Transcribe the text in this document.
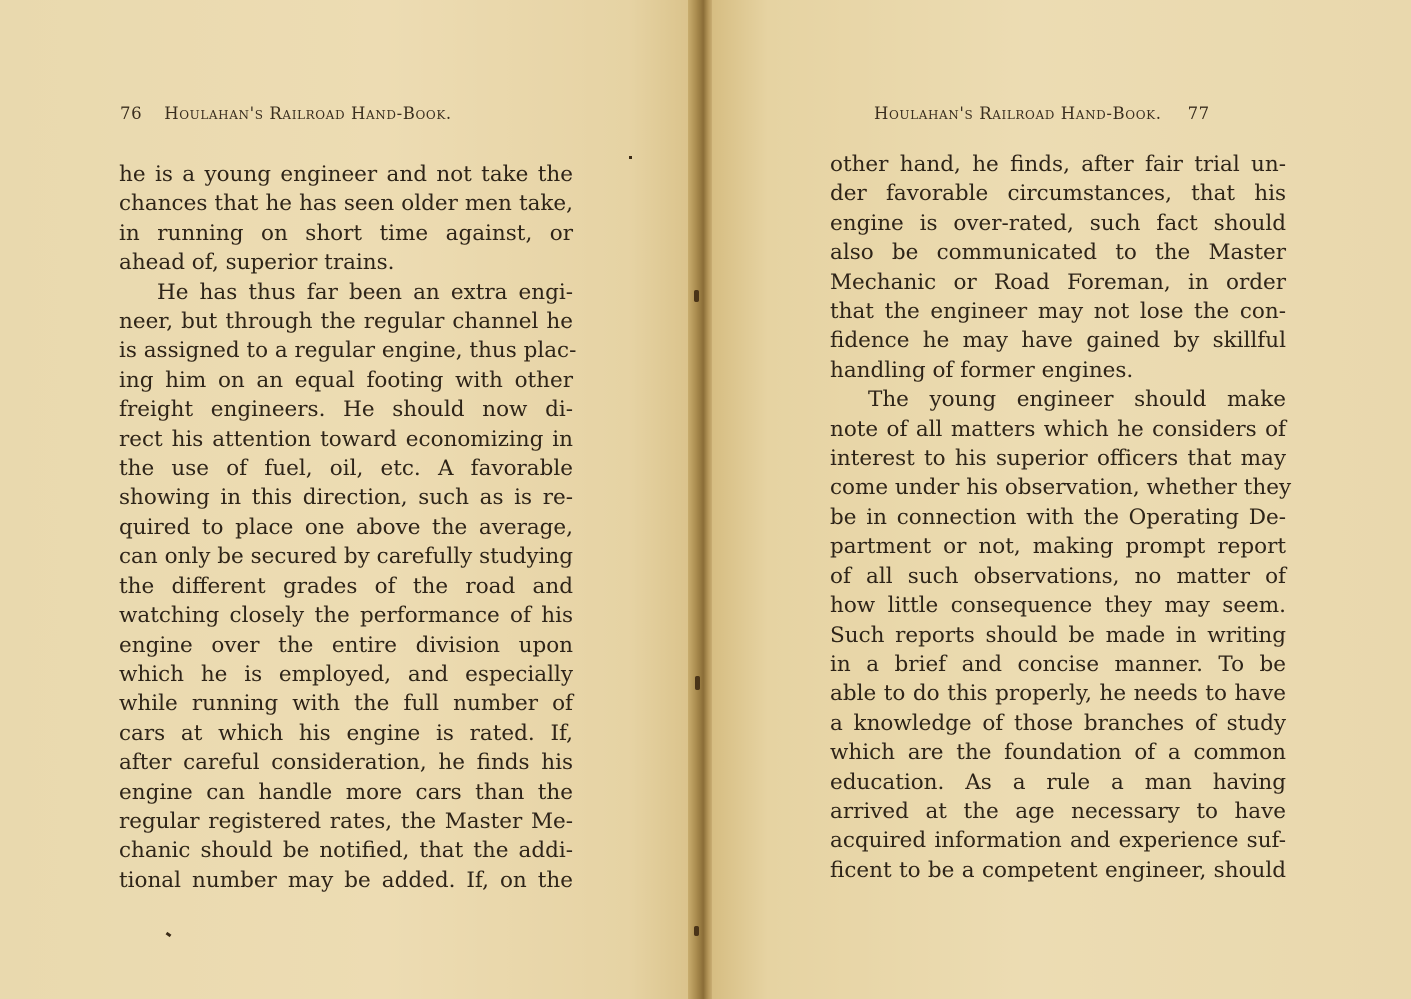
76 Houlahan's Railroad Hand-Book.
he is a young engineer and not take the
chances that he has seen older men take,
in running on short time against, or
ahead of, superior trains.
He has thus far been an extra engi-
neer, but through the regular channel he
is assigned to a regular engine, thus plac-
ing him on an equal footing with other
freight engineers. He should now di-
rect his attention toward economizing in
the use of fuel, oil, etc. A favorable
showing in this direction, such as is re-
quired to place one above the average,
can only be secured by carefully studying
the different grades of the road and
watching closely the performance of his
engine over the entire division upon
which he is employed, and especially
while running with the full number of
cars at which his engine is rated. If,
after careful consideration, he finds his
engine can handle more cars than the
regular registered rates, the Master Me-
chanic should be notified, that the addi-
tional number may be added. If, on the
Houlahan's Railroad Hand-Book. 77
other hand, he finds, after fair trial un-
der favorable circumstances, that his
engine is over-rated, such fact should
also be communicated to the Master
Mechanic or Road Foreman, in order
that the engineer may not lose the con-
fidence he may have gained by skillful
handling of former engines.
The young engineer should make
note of all matters which he considers of
interest to his superior officers that may
come under his observation, whether they
be in connection with the Operating De-
partment or not, making prompt report
of all such observations, no matter of
how little consequence they may seem.
Such reports should be made in writing
in a brief and concise manner. To be
able to do this properly, he needs to have
a knowledge of those branches of study
which are the foundation of a common
education. As a rule a man having
arrived at the age necessary to have
acquired information and experience suf-
ficent to be a competent engineer, should
